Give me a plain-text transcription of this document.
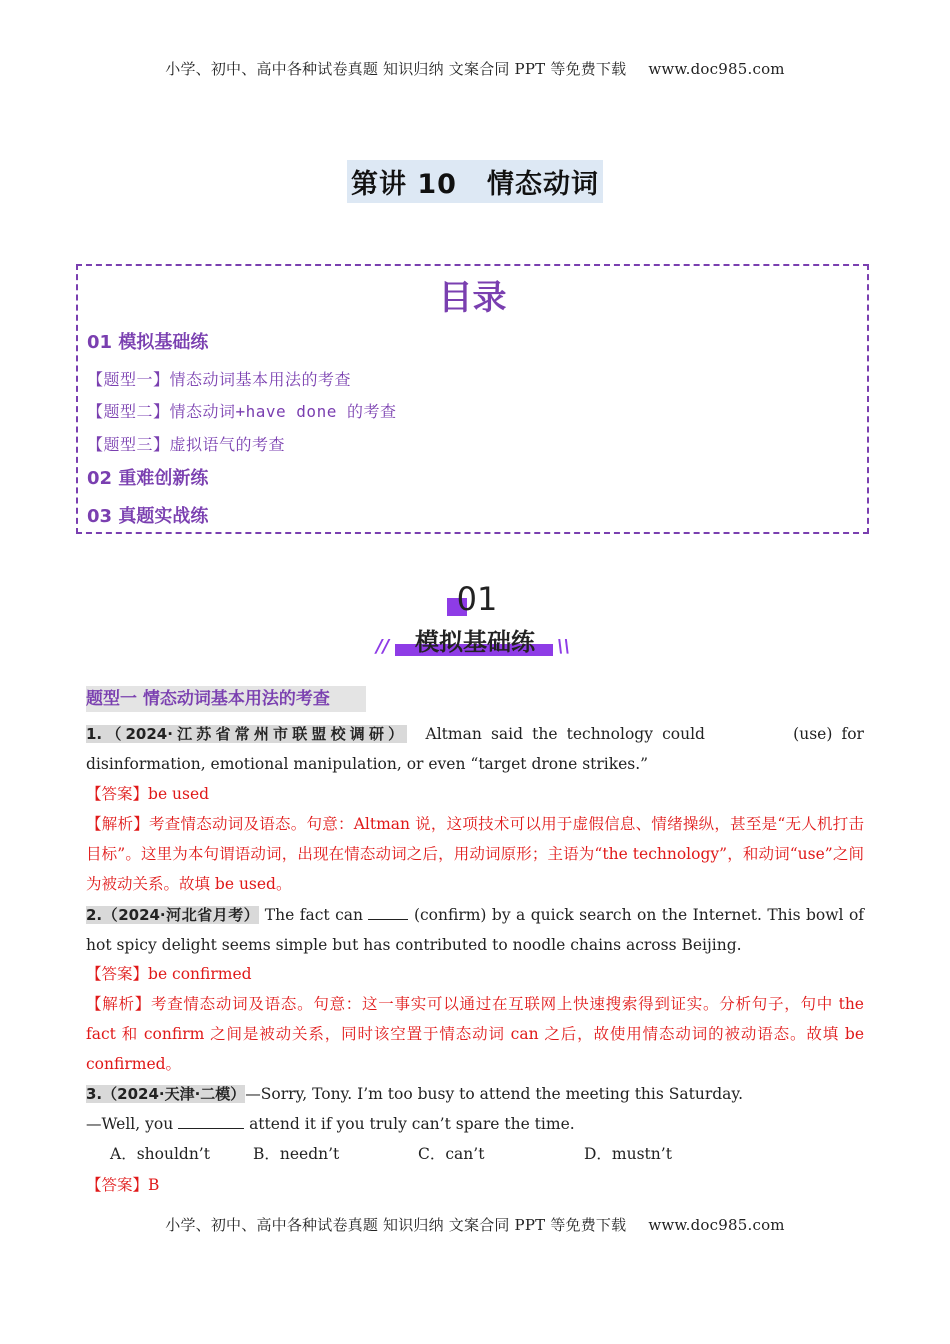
小学、初中、高中各种试卷真题 知识归纳 文案合同 PPT 等免费下载 www.doc985.com
第讲 10 情态动词
目录
01 模拟基础练
【题型一】情态动词基本用法的考查
【题型二】情态动词+have done 的考查
【题型三】虚拟语气的考查
02 重难创新练
03 真题实战练
01
模拟基础练
//	\\
题型一 情态动词基本用法的考查
1.（2024·江苏省常州市联盟校调研） Altman said the technology could	(use) for disinformation, emotional manipulation, or even “target drone strikes.”
【答案】be used
【解析】考查情态动词及语态。句意：Altman 说，这项技术可以用于虚假信息、情绪操纵，甚至是“无人机打击目标”。这里为本句谓语动词，出现在情态动词之后，用动词原形；主语为“the technology”，和动词“use”之间为被动关系。故填 be used。
2.（2024·河北省月考） The fact can	(confirm) by a quick search on the Internet. This bowl of hot spicy delight seems simple but has contributed to noodle chains across Beijing.
【答案】be confirmed
【解析】考查情态动词及语态。句意：这一事实可以通过在互联网上快速搜索得到证实。分析句子，句中 the fact 和 confirm 之间是被动关系，同时该空置于情态动词 can 之后，故使用情态动词的被动语态。故填 be confirmed。
3.（2024·天津·二模）—Sorry, Tony. I’m too busy to attend the meeting this Saturday.
—Well, you	attend it if you truly can’t spare the time.
A．shouldn’t	B．needn’t	C．can’t	D．mustn’t
【答案】B
小学、初中、高中各种试卷真题 知识归纳 文案合同 PPT 等免费下载 www.doc985.com
